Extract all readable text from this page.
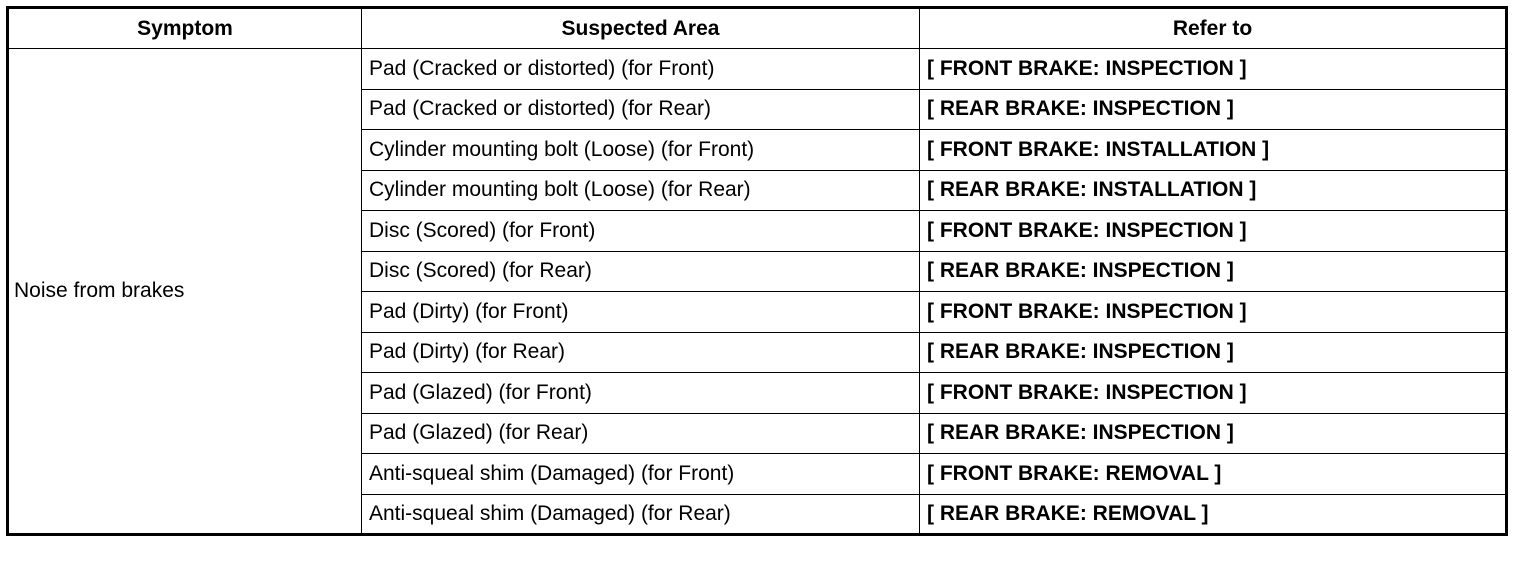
Symptom	Suspected Area	Refer to
Noise from brakes	Pad (Cracked or distorted) (for Front)	[ FRONT BRAKE: INSPECTION ]
	Pad (Cracked or distorted) (for Rear)	[ REAR BRAKE: INSPECTION ]
	Cylinder mounting bolt (Loose) (for Front)	[ FRONT BRAKE: INSTALLATION ]
	Cylinder mounting bolt (Loose) (for Rear)	[ REAR BRAKE: INSTALLATION ]
	Disc (Scored) (for Front)	[ FRONT BRAKE: INSPECTION ]
	Disc (Scored) (for Rear)	[ REAR BRAKE: INSPECTION ]
	Pad (Dirty) (for Front)	[ FRONT BRAKE: INSPECTION ]
	Pad (Dirty) (for Rear)	[ REAR BRAKE: INSPECTION ]
	Pad (Glazed) (for Front)	[ FRONT BRAKE: INSPECTION ]
	Pad (Glazed) (for Rear)	[ REAR BRAKE: INSPECTION ]
	Anti-squeal shim (Damaged) (for Front)	[ FRONT BRAKE: REMOVAL ]
	Anti-squeal shim (Damaged) (for Rear)	[ REAR BRAKE: REMOVAL ]
